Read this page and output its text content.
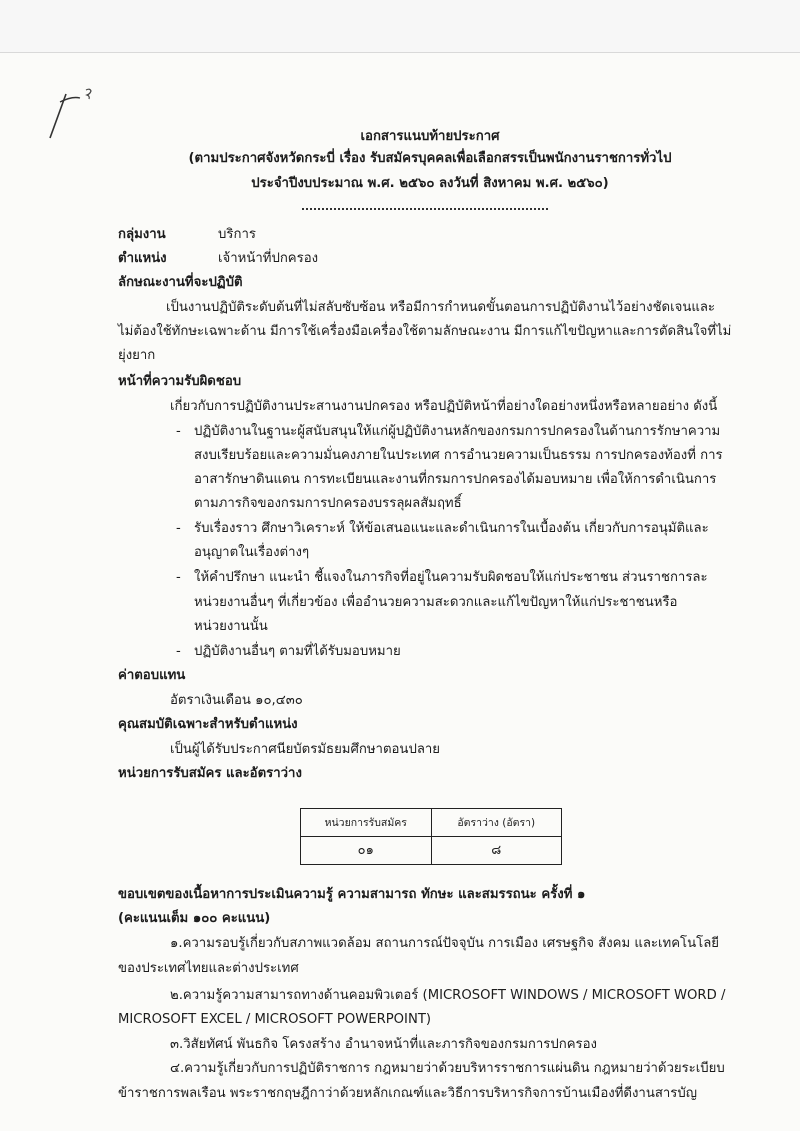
เอกสารแนบท้ายประกาศ
(ตามประกาศจังหวัดกระบี่ เรื่อง รับสมัครบุคคลเพื่อเลือกสรรเป็นพนักงานราชการทั่วไป
ประจำปีงบประมาณ พ.ศ. ๒๕๖๐ ลงวันที่ สิงหาคม พ.ศ. ๒๕๖๐)
กลุ่มงาน	บริการ
ตำแหน่ง	เจ้าหน้าที่ปกครอง
ลักษณะงานที่จะปฏิบัติ
เป็นงานปฏิบัติระดับต้นที่ไม่สลับซับซ้อน หรือมีการกำหนดขั้นตอนการปฏิบัติงานไว้อย่างชัดเจนและ
ไม่ต้องใช้ทักษะเฉพาะด้าน มีการใช้เครื่องมือเครื่องใช้ตามลักษณะงาน มีการแก้ไขปัญหาและการตัดสินใจที่ไม่
ยุ่งยาก
หน้าที่ความรับผิดชอบ
เกี่ยวกับการปฏิบัติงานประสานงานปกครอง หรือปฏิบัติหน้าที่อย่างใดอย่างหนึ่งหรือหลายอย่าง ดังนี้
- ปฏิบัติงานในฐานะผู้สนับสนุนให้แก่ผู้ปฏิบัติงานหลักของกรมการปกครองในด้านการรักษาความ
สงบเรียบร้อยและความมั่นคงภายในประเทศ การอำนวยความเป็นธรรม การปกครองท้องที่ การ
อาสารักษาดินแดน การทะเบียนและงานที่กรมการปกครองได้มอบหมาย เพื่อให้การดำเนินการ
ตามภารกิจของกรมการปกครองบรรลุผลสัมฤทธิ์
- รับเรื่องราว ศึกษาวิเคราะห์ ให้ข้อเสนอแนะและดำเนินการในเบื้องต้น เกี่ยวกับการอนุมัติและ
อนุญาตในเรื่องต่างๆ
- ให้คำปรึกษา แนะนำ ชี้แจงในภารกิจที่อยู่ในความรับผิดชอบให้แก่ประชาชน ส่วนราชการละ
หน่วยงานอื่นๆ ที่เกี่ยวข้อง เพื่ออำนวยความสะดวกและแก้ไขปัญหาให้แก่ประชาชนหรือ
หน่วยงานนั้น
- ปฏิบัติงานอื่นๆ ตามที่ได้รับมอบหมาย
ค่าตอบแทน
อัตราเงินเดือน ๑๐,๔๓๐
คุณสมบัติเฉพาะสำหรับตำแหน่ง
เป็นผู้ได้รับประกาศนียบัตรมัธยมศึกษาตอนปลาย
หน่วยการรับสมัคร และอัตราว่าง
หน่วยการรับสมัคร	อัตราว่าง (อัตรา)
๐๑	๘
ขอบเขตของเนื้อหาการประเมินความรู้ ความสามารถ ทักษะ และสมรรถนะ ครั้งที่ ๑
(คะแนนเต็ม ๑๐๐ คะแนน)
๑.ความรอบรู้เกี่ยวกับสภาพแวดล้อม สถานการณ์ปัจจุบัน การเมือง เศรษฐกิจ สังคม และเทคโนโลยี
ของประเทศไทยและต่างประเทศ
๒.ความรู้ความสามารถทางด้านคอมพิวเตอร์ (MICROSOFT WINDOWS / MICROSOFT WORD /
MICROSOFT EXCEL / MICROSOFT POWERPOINT)
๓.วิสัยทัศน์ พันธกิจ โครงสร้าง อำนาจหน้าที่และภารกิจของกรมการปกครอง
๔.ความรู้เกี่ยวกับการปฏิบัติราชการ กฎหมายว่าด้วยบริหารราชการแผ่นดิน กฎหมายว่าด้วยระเบียบ
ข้าราชการพลเรือน พระราชกฤษฎีกาว่าด้วยหลักเกณฑ์และวิธีการบริหารกิจการบ้านเมืองที่ดีงานสารบัญ
